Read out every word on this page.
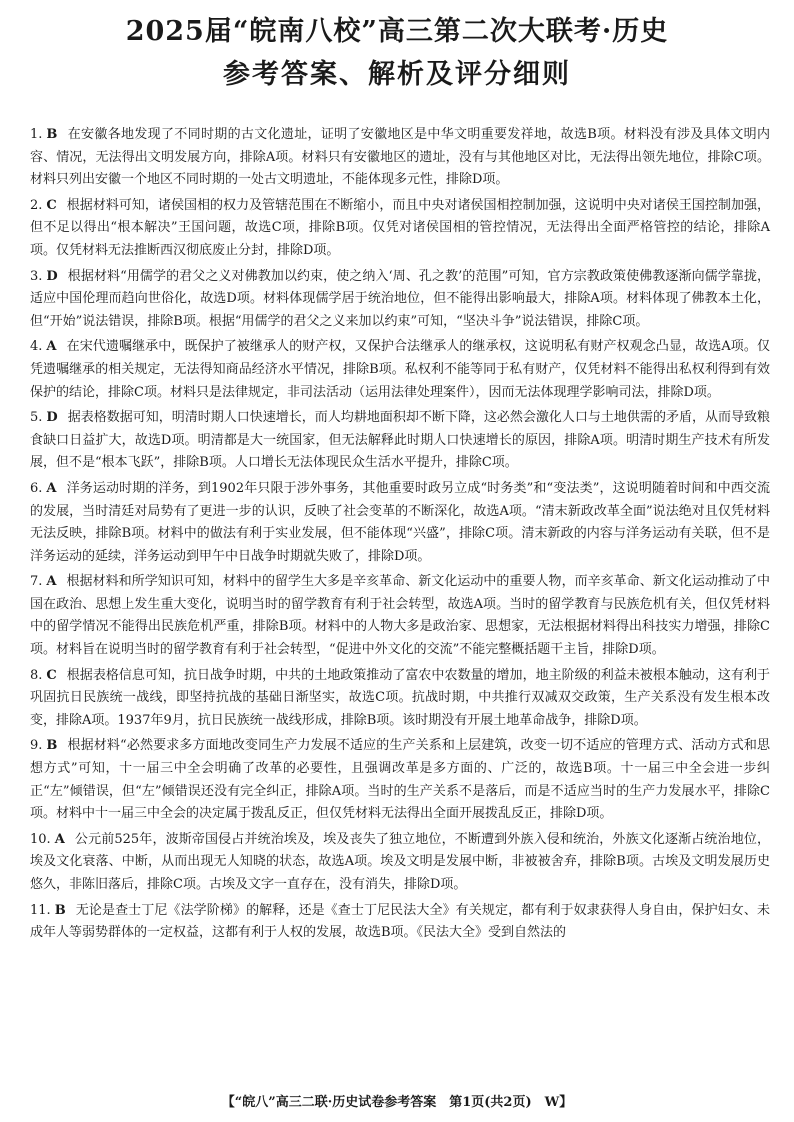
2025届“皖南八校”高三第二次大联考·历史
参考答案、解析及评分细则

1. B 在安徽各地发现了不同时期的古文化遗址，证明了安徽地区是中华文明重要发祥地，故选B项。材料没有涉及具体文明内容、情况，无法得出文明发展方向，排除A项。材料只有安徽地区的遗址，没有与其他地区对比，无法得出领先地位，排除C项。材料只列出安徽一个地区不同时期的一处古文明遗址，不能体现多元性，排除D项。

2. C 根据材料可知，诸侯国相的权力及管辖范围在不断缩小，而且中央对诸侯国相控制加强，这说明中央对诸侯王国控制加强，但不足以得出“根本解决”王国问题，故选C项，排除B项。仅凭对诸侯国相的管控情况，无法得出全面严格管控的结论，排除A项。仅凭材料无法推断西汉彻底废止分封，排除D项。

3. D 根据材料“用儒学的君父之义对佛教加以约束，使之纳入‘周、孔之教’的范围”可知，官方宗教政策使佛教逐渐向儒学靠拢，适应中国伦理而趋向世俗化，故选D项。材料体现儒学居于统治地位，但不能得出影响最大，排除A项。材料体现了佛教本土化，但“开始”说法错误，排除B项。根据“用儒学的君父之义来加以约束”可知，“坚决斗争”说法错误，排除C项。

4. A 在宋代遗嘱继承中，既保护了被继承人的财产权，又保护合法继承人的继承权，这说明私有财产权观念凸显，故选A项。仅凭遗嘱继承的相关规定，无法得知商品经济水平情况，排除B项。私权利不能等同于私有财产，仅凭材料不能得出私权利得到有效保护的结论，排除C项。材料只是法律规定，非司法活动（运用法律处理案件），因而无法体现理学影响司法，排除D项。

5. D 据表格数据可知，明清时期人口快速增长，而人均耕地面积却不断下降，这必然会激化人口与土地供需的矛盾，从而导致粮食缺口日益扩大，故选D项。明清都是大一统国家，但无法解释此时期人口快速增长的原因，排除A项。明清时期生产技术有所发展，但不是“根本飞跃”，排除B项。人口增长无法体现民众生活水平提升，排除C项。

6. A 洋务运动时期的洋务，到1902年只限于涉外事务，其他重要时政另立成“时务类”和“变法类”，这说明随着时间和中西交流的发展，当时清廷对局势有了更进一步的认识，反映了社会变革的不断深化，故选A项。“清末新政改革全面”说法绝对且仅凭材料无法反映，排除B项。材料中的做法有利于实业发展，但不能体现“兴盛”，排除C项。清末新政的内容与洋务运动有关联，但不是洋务运动的延续，洋务运动到甲午中日战争时期就失败了，排除D项。

7. A 根据材料和所学知识可知，材料中的留学生大多是辛亥革命、新文化运动中的重要人物，而辛亥革命、新文化运动推动了中国在政治、思想上发生重大变化，说明当时的留学教育有利于社会转型，故选A项。当时的留学教育与民族危机有关，但仅凭材料中的留学情况不能得出民族危机严重，排除B项。材料中的人物大多是政治家、思想家，无法根据材料得出科技实力增强，排除C项。材料旨在说明当时的留学教育有利于社会转型，“促进中外文化的交流”不能完整概括题干主旨，排除D项。

8. C 根据表格信息可知，抗日战争时期，中共的土地政策推动了富农中农数量的增加，地主阶级的利益未被根本触动，这有利于巩固抗日民族统一战线，即坚持抗战的基础日渐坚实，故选C项。抗战时期，中共推行双减双交政策，生产关系没有发生根本改变，排除A项。1937年9月，抗日民族统一战线形成，排除B项。该时期没有开展土地革命战争，排除D项。

9. B 根据材料“必然要求多方面地改变同生产力发展不适应的生产关系和上层建筑，改变一切不适应的管理方式、活动方式和思想方式”可知，十一届三中全会明确了改革的必要性，且强调改革是多方面的、广泛的，故选B项。十一届三中全会进一步纠正“左”倾错误，但“左”倾错误还没有完全纠正，排除A项。当时的生产关系不是落后，而是不适应当时的生产力发展水平，排除C项。材料中十一届三中全会的决定属于拨乱反正，但仅凭材料无法得出全面开展拨乱反正，排除D项。

10. A 公元前525年，波斯帝国侵占并统治埃及，埃及丧失了独立地位，不断遭到外族入侵和统治，外族文化逐渐占统治地位，埃及文化衰落、中断，从而出现无人知晓的状态，故选A项。埃及文明是发展中断，非被被舍弃，排除B项。古埃及文明发展历史悠久，非陈旧落后，排除C项。古埃及文字一直存在，没有消失，排除D项。

11. B 无论是查士丁尼《法学阶梯》的解释，还是《查士丁尼民法大全》有关规定，都有利于奴隶获得人身自由，保护妇女、未成年人等弱势群体的一定权益，这都有利于人权的发展，故选B项。《民法大全》受到自然法的

【“皖八”高三二联·历史试卷参考答案　第1页(共2页)　W】
